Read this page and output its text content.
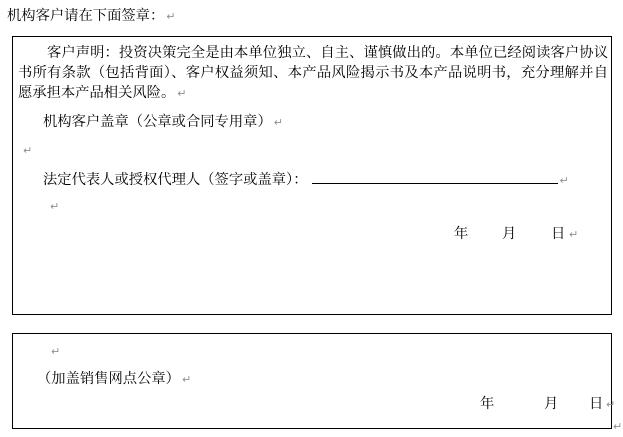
机构客户请在下面签章： ↵

客户声明：投资决策完全是由本单位独立、自主、谨慎做出的。本单位已经阅读客户协议书所有条款（包括背面）、客户权益须知、本产品风险揭示书及本产品说明书，充分理解并自愿承担本产品相关风险。 ↵

机构客户盖章（公章或合同专用章） ↵
↵
法定代表人或授权代理人（签字或盖章）：	↵
↵
年 月 日 ↵
↵
（加盖销售网点公章） ↵
年	月 日 ↵
↵
